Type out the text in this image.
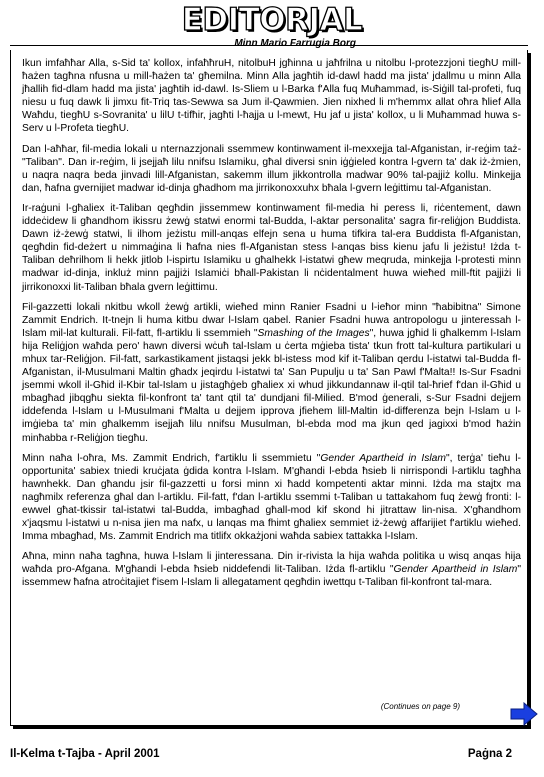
EDITORJAL
Minn Mario Farrugia Borg

Ikun imfaħħar Alla, s-Sid ta' kollox, infaħħruH, nitolbuH jgħinna u jaħfrilna u nitolbu l-protezzjoni tiegħU mill-ħażen tagħna nfusna u mill-ħażen ta' għemilna. Minn Alla jagħtih id-dawl hadd ma jista' jdallmu u minn Alla jħallih fid-dlam hadd ma jista' jagħtih id-dawl. Is-Sliem u l-Barka f'Alla fuq Muħammad, is-Siġill tal-profeti, fuq niesu u fuq dawk li jimxu fit-Triq tas-Sewwa sa Jum il-Qawmien. Jien nixhed li m'hemmx allat oħra ħlief Alla Waħdu, tiegħU s-Sovranita' u lilU t-tifħir, jagħti l-ħajja u l-mewt, Hu jaf u jista' kollox, u li Muħammad huwa s-Serv u l-Profeta tiegħU.

Dan l-aħħar, fil-media lokali u nternazzjonali ssemmew kontinwament il-mexxejja tal-Afganistan, ir-reġim taż-"Taliban". Dan ir-reġim, li jsejjaħ lilu nnifsu Islamiku, għal diversi snin iġġieled kontra l-gvern ta' dak iż-żmien, u naqra naqra beda jinvadi lill-Afganistan, sakemm illum jikkontrolla madwar 90% tal-pajjiż kollu. Minkejja dan, ħafna gvernijiet madwar id-dinja għadhom ma jirrikonoxxuhx bħala l-gvern leġittimu tal-Afganistan.

Ir-raġuni l-għaliex it-Taliban qegħdin jissemmew kontinwament fil-media hi peress li, riċentement, dawn iddeċidew li għandhom ikissru żewġ statwi enormi tal-Budda, l-aktar personalita' sagra fir-reliġjon Buddista. Dawn iż-żewġ statwi, li ilhom jeżistu mill-anqas elfejn sena u huma tifkira tal-era Buddista fl-Afganistan, qegħdin fid-deżert u nimmaġina li ħafna nies fl-Afganistan stess l-anqas biss kienu jafu li jeżistu! Iżda t-Taliban deħrilhom li hekk jitlob l-ispirtu Islamiku u għalhekk l-istatwi għew meqruda, minkejja l-protesti minn madwar id-dinja, inkluż minn pajjiżi Islamiċi bħall-Pakistan li nċidentalment huwa wieħed mill-ftit pajjiżi li jirrikonoxxi lit-Taliban bħala gvern leġittimu.

Fil-gazzetti lokali nkitbu wkoll żewġ artikli, wieħed minn Ranier Fsadni u l-ieħor minn "ħabibitna" Simone Zammit Endrich. It-tnejn li huma kitbu dwar l-Islam qabel. Ranier Fsadni huwa antropologu u jinteressah l-Islam mil-lat kulturali. Fil-fatt, fl-artiklu li ssemmieh "Smashing of the Images", huwa jgħid li għalkemm l-Islam hija Reliġjon waħda pero' hawn diversi wċuħ tal-Islam u ċerta mġieba tista' tkun frott tal-kultura partikulari u mhux tar-Reliġjon. Fil-fatt, sarkastikament jistaqsi jekk bl-istess mod kif it-Taliban qerdu l-istatwi tal-Budda fl-Afganistan, il-Musulmani Maltin għadx jeqirdu l-istatwi ta' San Pupulju u ta' San Pawl f'Malta!! Is-Sur Fsadni jsemmi wkoll il-Għid il-Kbir tal-Islam u jistagħġeb għaliex xi whud jikkundannaw il-qtil tal-ħrief f'dan il-Għid u mbagħad jibqgħu siekta fil-konfront ta' tant qtil ta' dundjani fil-Milied. B'mod ġenerali, s-Sur Fsadni dejjem iddefenda l-Islam u l-Musulmani f'Malta u dejjem ipprova jfiehem lill-Maltin id-differenza bejn l-Islam u l-imġieba ta' min għalkemm isejjaħ lilu nnifsu Musulman, bl-ebda mod ma jkun qed jagixxi b'mod ħażin minħabba r-Reliġjon tiegħu.

Minn naħa l-oħra, Ms. Zammit Endrich, f'artiklu li ssemmietu "Gender Apartheid in Islam", terġa' tieħu l-opportunita' sabiex tniedi kruċjata ġdida kontra l-Islam. M'għandi l-ebda ħsieb li nirrispondi l-artiklu tagħha hawnhekk. Dan għandu jsir fil-gazzetti u forsi minn xi ħadd kompetenti aktar minni. Iżda ma stajtx ma nagħmilx referenza għal dan l-artiklu. Fil-fatt, f'dan l-artiklu ssemmi t-Taliban u tattakahom fuq żewġ fronti: l-ewwel għat-tkissir tal-istatwi tal-Budda, imbagħad għall-mod kif skond hi jitrattaw lin-nisa. X'għandhom x'jaqsmu l-istatwi u n-nisa jien ma nafx, u lanqas ma fhimt għaliex semmiet iż-żewġ affarijiet f'artiklu wieħed. Imma mbagħad, Ms. Zammit Endrich ma titlifx okkażjoni waħda sabiex tattakka l-Islam.

Aħna, minn naħa tagħna, huwa l-Islam li jinteressana. Din ir-rivista la hija waħda politika u wisq anqas hija waħda pro-Afgana. M'għandi l-ebda ħsieb niddefendi lit-Taliban. Iżda fl-artiklu "Gender Apartheid in Islam" issemmew ħafna atroċitajiet f'isem l-Islam li allegatament qegħdin iwettqu t-Taliban fil-konfront tal-mara.

(Continues on page 9)
Il-Kelma t-Tajba - April 2001	Paġna 2
